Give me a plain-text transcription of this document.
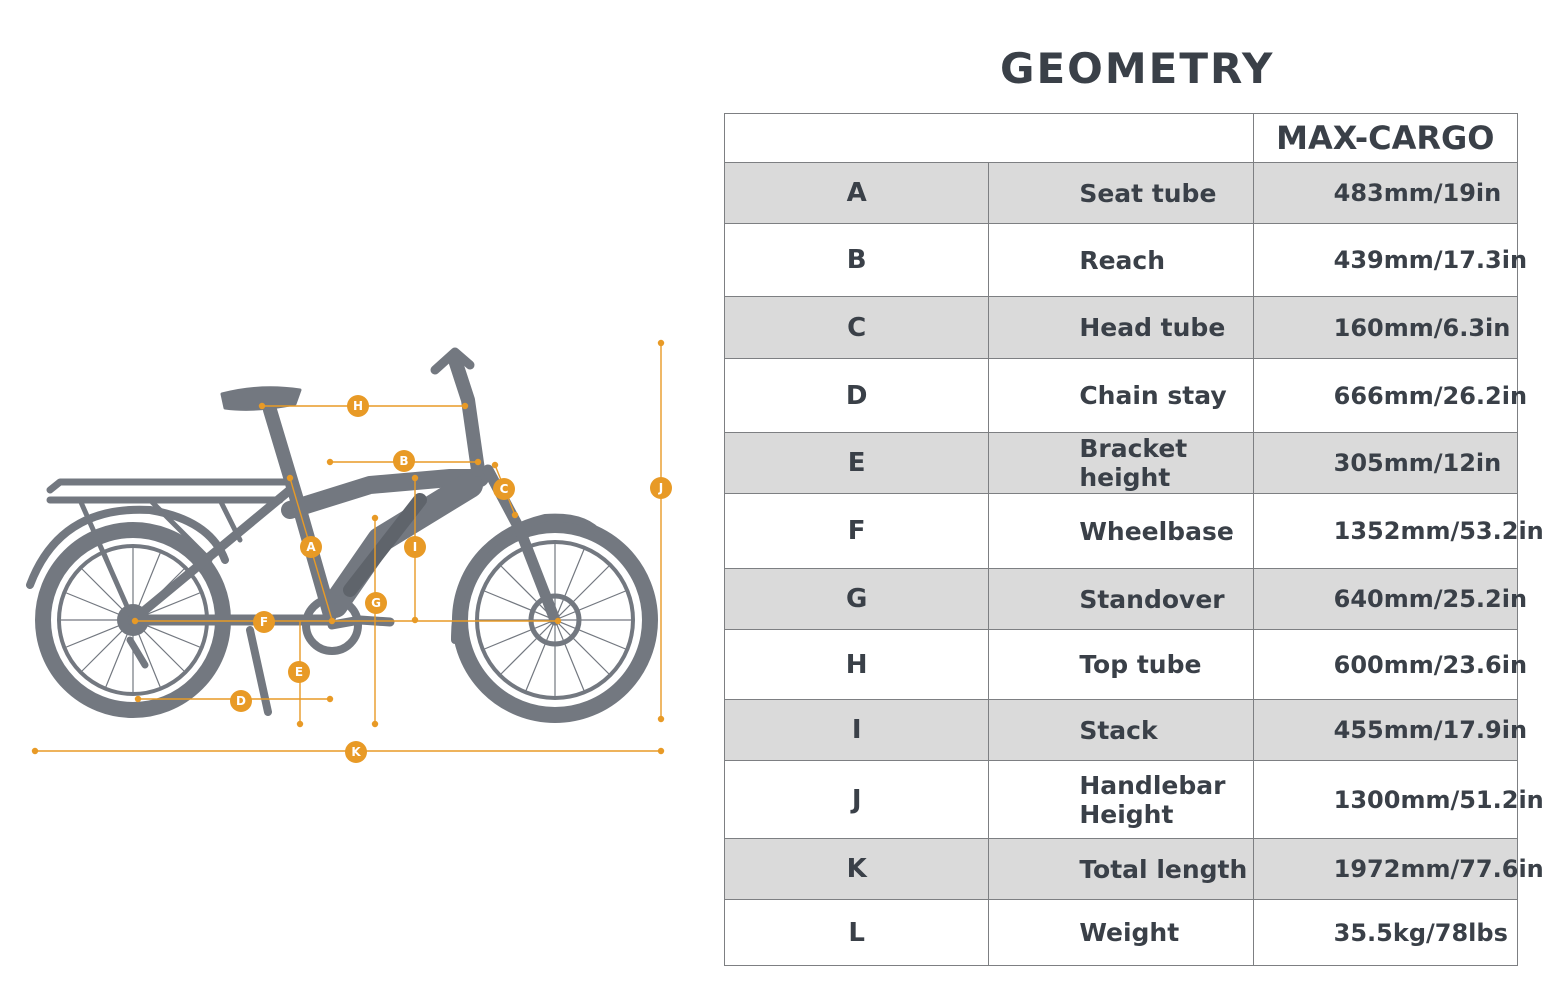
H
B
C
A	I
G
F
E
D
J
K
GEOMETRY
		MAX-CARGO
A	Seat tube	483mm/19in
B	Reach	439mm/17.3in
C	Head tube	160mm/6.3in
D	Chain stay	666mm/26.2in
E	Bracket height	305mm/12in
F	Wheelbase	1352mm/53.2in
G	Standover	640mm/25.2in
H	Top tube	600mm/23.6in
I	Stack	455mm/17.9in
J	Handlebar Height	1300mm/51.2in
K	Total length	1972mm/77.6in
L	Weight	35.5kg/78lbs
